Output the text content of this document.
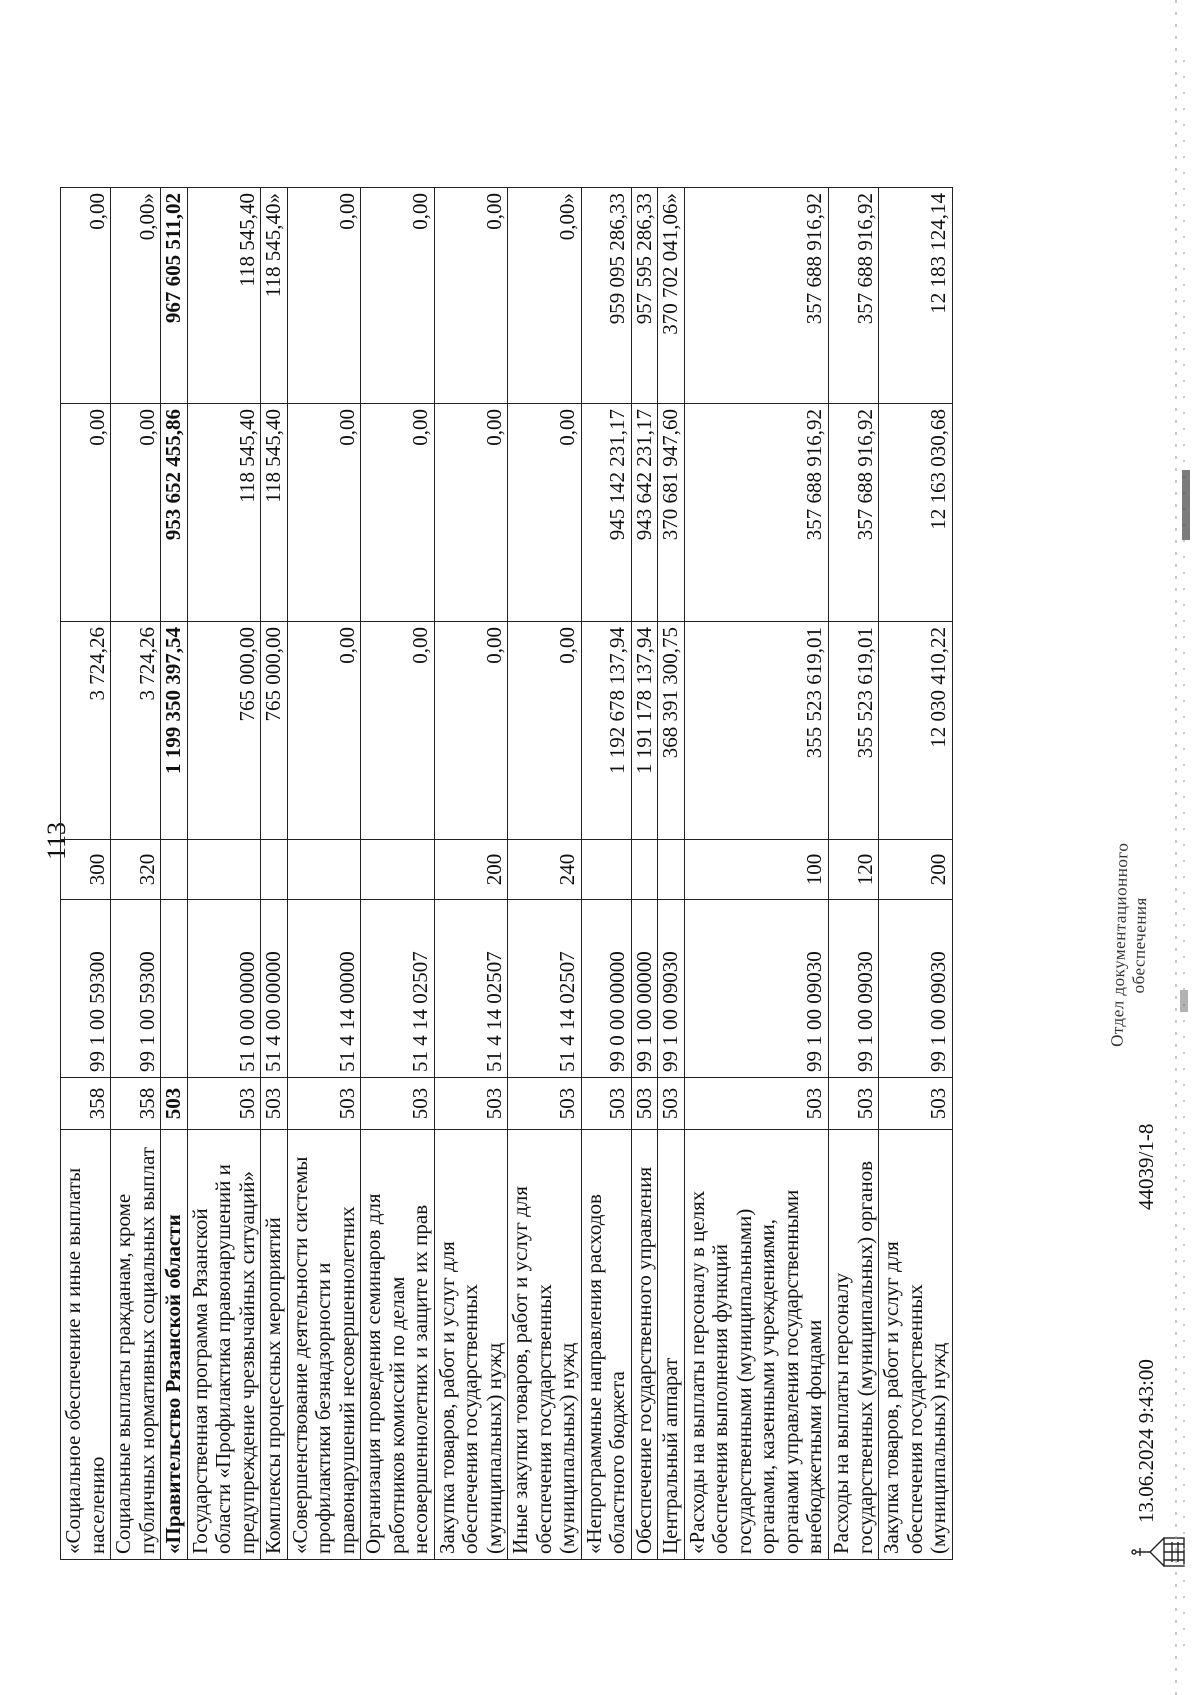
113
«Социальное обеспечение и иные выплаты населению	358	99 1 00 59300	300	3 724,26	0,00	0,00
Социальные выплаты гражданам, кроме публичных нормативных социальных выплат	358	99 1 00 59300	320	3 724,26	0,00	0,00»
«Правительство Рязанской области	503			1 199 350 397,54	953 652 455,86	967 605 511,02
Государственная программа Рязанской области «Профилактика правонарушений и предупреждение чрезвычайных ситуаций»	503	51 0 00 00000		765 000,00	118 545,40	118 545,40
Комплексы процессных мероприятий	503	51 4 00 00000		765 000,00	118 545,40	118 545,40»
«Совершенствование деятельности системы профилактики безнадзорности и правонарушений несовершеннолетних	503	51 4 14 00000		0,00	0,00	0,00
Организация проведения семинаров для работников комиссий по делам несовершеннолетних и защите их прав	503	51 4 14 02507		0,00	0,00	0,00
Закупка товаров, работ и услуг для обеспечения государственных (муниципальных) нужд	503	51 4 14 02507	200	0,00	0,00	0,00
Иные закупки товаров, работ и услуг для обеспечения государственных (муниципальных) нужд	503	51 4 14 02507	240	0,00	0,00	0,00»
«Непрограммные направления расходов областного бюджета	503	99 0 00 00000		1 192 678 137,94	945 142 231,17	959 095 286,33
Обеспечение государственного управления	503	99 1 00 00000		1 191 178 137,94	943 642 231,17	957 595 286,33
Центральный аппарат	503	99 1 00 09030		368 391 300,75	370 681 947,60	370 702 041,06»
«Расходы на выплаты персоналу в целях обеспечения выполнения функций государственными (муниципальными) органами, казенными учреждениями, органами управления государственными внебюджетными фондами	503	99 1 00 09030	100	355 523 619,01	357 688 916,92	357 688 916,92
Расходы на выплаты персоналу государственных (муниципальных) органов	503	99 1 00 09030	120	355 523 619,01	357 688 916,92	357 688 916,92
Закупка товаров, работ и услуг для обеспечения государственных (муниципальных) нужд	503	99 1 00 09030	200	12 030 410,22	12 163 030,68	12 183 124,14
13.06.2024 9:43:00
44039/1-8
Отдел документационного
обеспечения
